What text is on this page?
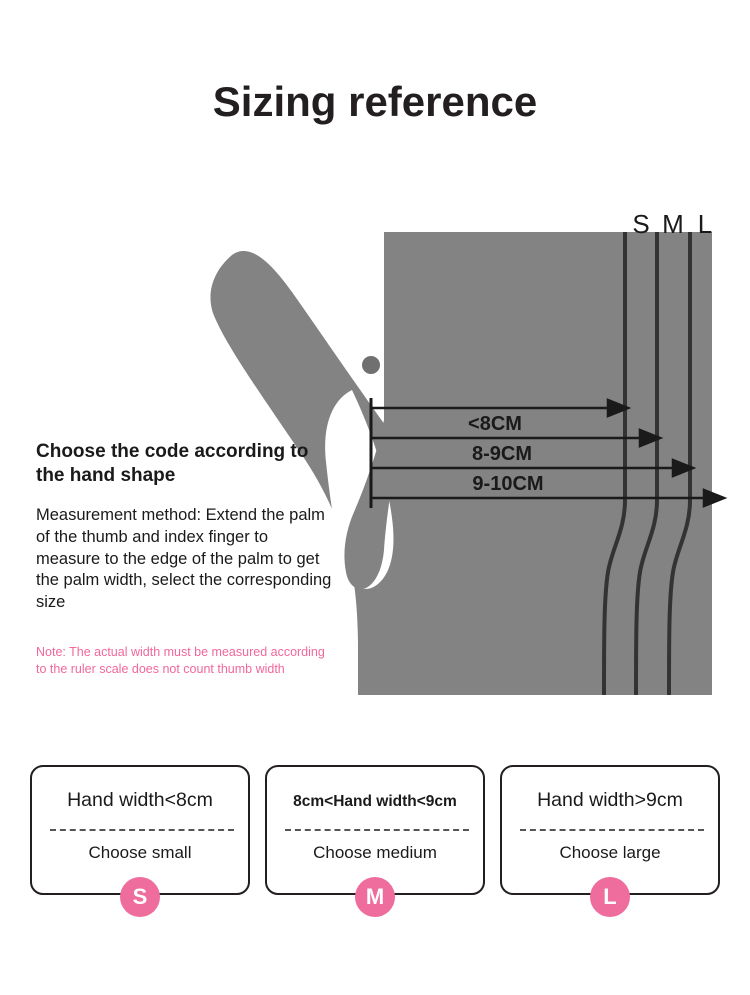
Sizing reference
S M L
<8CM
8-9CM
9-10CM

Choose the code according to the hand shape

Measurement method: Extend the palm of the thumb and index finger to measure to the edge of the palm to get the palm width, select the corresponding size

Note: The actual width must be measured according to the ruler scale does not count thumb width

Hand width<8cm
Choose small
S
8cm<Hand width<9cm
Choose medium
M
Hand width>9cm
Choose large
L
